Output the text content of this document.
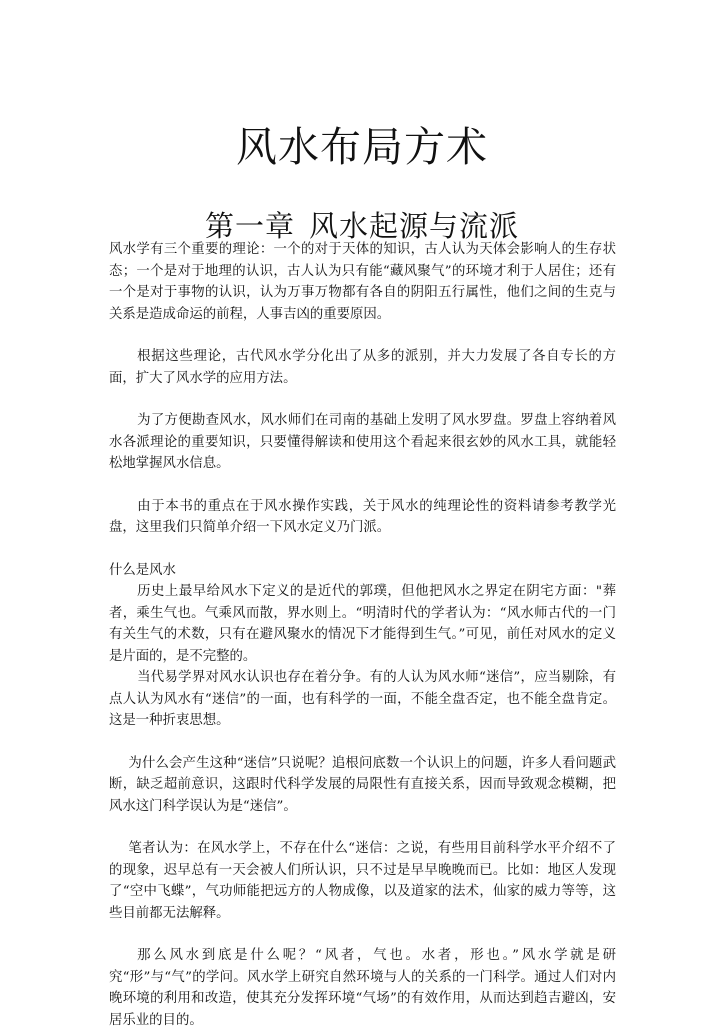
风水布局方术
第一章 风水起源与流派

风水学有三个重要的理论：一个的对于天体的知识，古人认为天体会影响人的生存状态；一个是对于地理的认识，古人认为只有能“藏风聚气”的环境才利于人居住；还有一个是对于事物的认识，认为万事万物都有各自的阴阳五行属性，他们之间的生克与关系是造成命运的前程，人事吉凶的重要原因。

根据这些理论，古代风水学分化出了从多的派别，并大力发展了各自专长的方面，扩大了风水学的应用方法。

为了方便勘查风水，风水师们在司南的基础上发明了风水罗盘。罗盘上容纳着风水各派理论的重要知识，只要懂得解读和使用这个看起来很玄妙的风水工具，就能轻松地掌握风水信息。

由于本书的重点在于风水操作实践，关于风水的纯理论性的资料请参考教学光盘，这里我们只简单介绍一下风水定义乃门派。

什么是风水

历史上最早给风水下定义的是近代的郭璞，但他把风水之界定在阴宅方面："葬者，乘生气也。气乘风而散，界水则上。“明清时代的学者认为：“风水师古代的一门有关生气的术数，只有在避风聚水的情况下才能得到生气。”可见，前任对风水的定义是片面的，是不完整的。

当代易学界对风水认识也存在着分争。有的人认为风水师“迷信”，应当剔除，有点人认为风水有“迷信”的一面，也有科学的一面，不能全盘否定，也不能全盘肯定。这是一种折衷思想。

为什么会产生这种“迷信”只说呢？追根问底数一个认识上的问题，许多人看问题武断，缺乏超前意识，这跟时代科学发展的局限性有直接关系，因而导致观念模糊，把风水这门科学误认为是“迷信”。

笔者认为：在风水学上，不存在什么“迷信：之说，有些用目前科学水平介绍不了的现象，迟早总有一天会被人们所认识，只不过是早早晚晚而已。比如：地区人发现了“空中飞蝶”，气功师能把远方的人物成像，以及道家的法术，仙家的威力等等，这些目前都无法解释。

那么风水到底是什么呢？“风者，气也。水者，形也。”风水学就是研究“形”与“气”的学问。风水学上研究自然环境与人的关系的一门科学。通过人们对内晚环境的利用和改造，使其充分发挥环境“气场”的有效作用，从而达到趋吉避凶，安居乐业的目的。
